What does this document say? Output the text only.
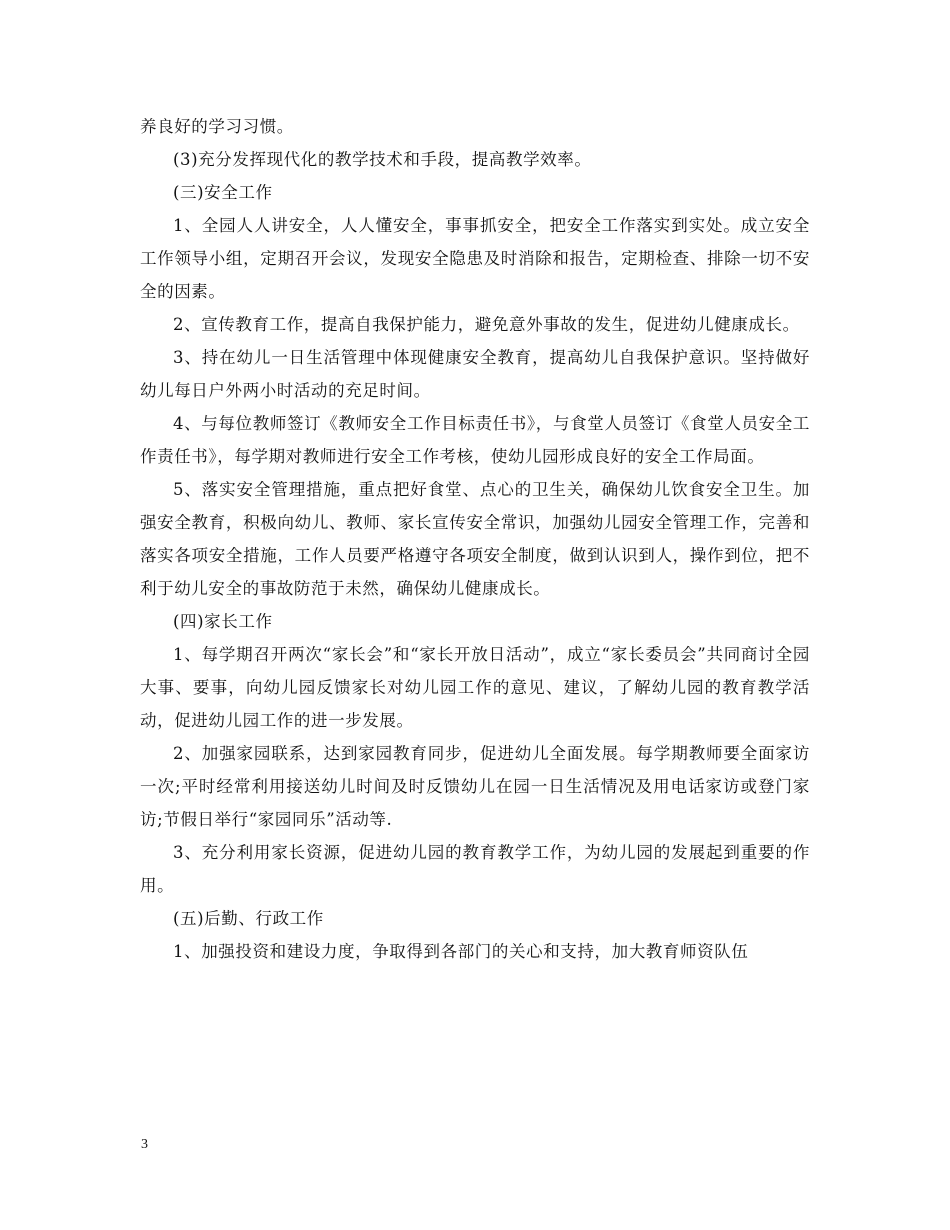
养良好的学习习惯。

(3)充分发挥现代化的教学技术和手段，提高教学效率。

(三)安全工作

1、全园人人讲安全，人人懂安全，事事抓安全，把安全工作落实到实处。成立安全工作领导小组，定期召开会议，发现安全隐患及时消除和报告，定期检查、排除一切不安全的因素。

2、宣传教育工作，提高自我保护能力，避免意外事故的发生，促进幼儿健康成长。

3、持在幼儿一日生活管理中体现健康安全教育，提高幼儿自我保护意识。坚持做好幼儿每日户外两小时活动的充足时间。

4、与每位教师签订《教师安全工作目标责任书》，与食堂人员签订《食堂人员安全工作责任书》，每学期对教师进行安全工作考核，使幼儿园形成良好的安全工作局面。

5、落实安全管理措施，重点把好食堂、点心的卫生关，确保幼儿饮食安全卫生。加强安全教育，积极向幼儿、教师、家长宣传安全常识，加强幼儿园安全管理工作，完善和落实各项安全措施，工作人员要严格遵守各项安全制度，做到认识到人，操作到位，把不利于幼儿安全的事故防范于未然，确保幼儿健康成长。

(四)家长工作

1、每学期召开两次“家长会”和“家长开放日活动”，成立“家长委员会”共同商讨全园大事、要事，向幼儿园反馈家长对幼儿园工作的意见、建议，了解幼儿园的教育教学活动，促进幼儿园工作的进一步发展。

2、加强家园联系，达到家园教育同步，促进幼儿全面发展。每学期教师要全面家访一次;平时经常利用接送幼儿时间及时反馈幼儿在园一日生活情况及用电话家访或登门家访;节假日举行“家园同乐”活动等.

3、充分利用家长资源，促进幼儿园的教育教学工作，为幼儿园的发展起到重要的作用。

(五)后勤、行政工作

1、加强投资和建设力度，争取得到各部门的关心和支持，加大教育师资队伍

3
